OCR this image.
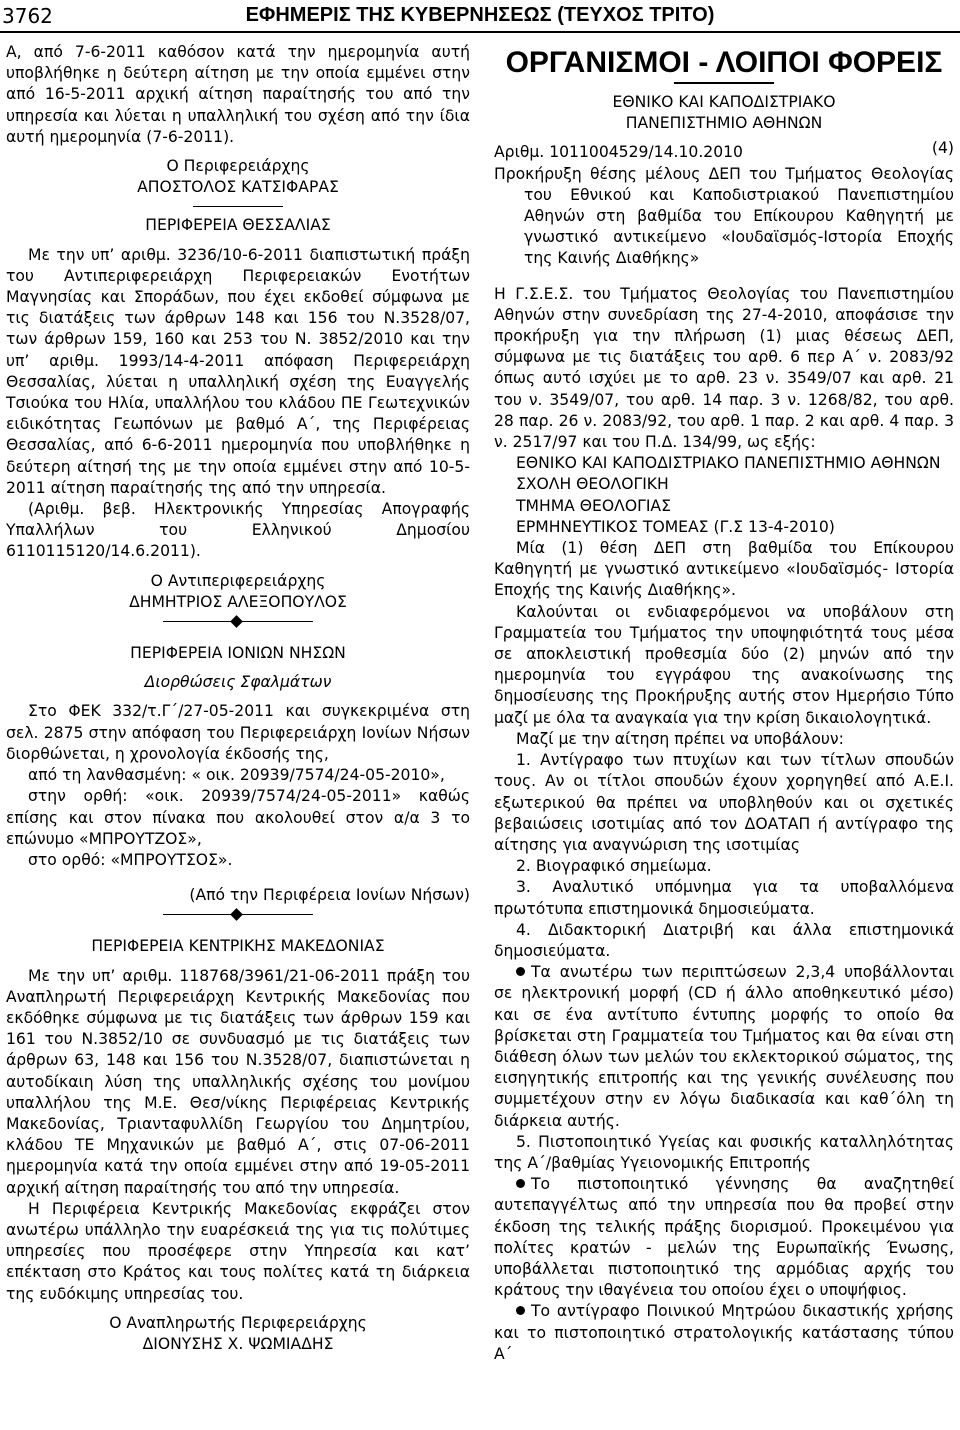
3762	ΕΦΗΜΕΡΙΣ ΤΗΣ ΚΥΒΕΡΝΗΣΕΩΣ (ΤΕΥΧΟΣ ΤΡΙΤΟ)

Α, από 7-6-2011 καθόσον κατά την ημερομηνία αυτή υποβλήθηκε η δεύτερη αίτηση με την οποία εμμένει στην από 16-5-2011 αρχική αίτηση παραίτησής του από την υπηρεσία και λύεται η υπαλληλική του σχέση από την ίδια αυτή ημερομηνία (7-6-2011).

Ο Περιφερειάρχης

ΑΠΟΣΤΟΛΟΣ ΚΑΤΣΙΦΑΡΑΣ

ΠΕΡΙΦΕΡΕΙΑ ΘΕΣΣΑΛΙΑΣ

Με την υπ’ αριθμ. 3236/10-6-2011 διαπιστωτική πράξη του Αντιπεριφερειάρχη Περιφερειακών Ενοτήτων Μαγνησίας και Σποράδων, που έχει εκδοθεί σύμφωνα με τις διατάξεις των άρθρων 148 και 156 του Ν.3528/07, των άρθρων 159, 160 και 253 του Ν. 3852/2010 και την υπ’ αριθμ. 1993/14-4-2011 απόφαση Περιφερειάρχη Θεσσαλίας, λύεται η υπαλληλική σχέση της Ευαγγελής Τσιούκα του Ηλία, υπαλλήλου του κλάδου ΠΕ Γεωτεχνικών ειδικότητας Γεωπόνων με βαθμό Α΄, της Περιφέρειας Θεσσαλίας, από 6-6-2011 ημερομηνία που υποβλήθηκε η δεύτερη αίτησή της με την οποία εμμένει στην από 10-5-2011 αίτηση παραίτησής της από την υπηρεσία.

(Αριθμ. βεβ. Ηλεκτρονικής Υπηρεσίας Απογραφής Υπαλλήλων του Ελληνικού Δημοσίου 6110115120/14.6.2011).

Ο Αντιπεριφερειάρχης

ΔΗΜΗΤΡΙΟΣ ΑΛΕΞΟΠΟΥΛΟΣ

ΠΕΡΙΦΕΡΕΙΑ ΙΟΝΙΩΝ ΝΗΣΩΝ

Διορθώσεις Σφαλμάτων

Στο ΦΕΚ 332/τ.Γ΄/27-05-2011 και συγκεκριμένα στη σελ. 2875 στην απόφαση του Περιφερειάρχη Ιονίων Νήσων διορθώνεται, η χρονολογία έκδοσής της,

από τη λανθασμένη: « οικ. 20939/7574/24-05-2010»,

στην ορθή: «οικ. 20939/7574/24-05-2011» καθώς επίσης και στον πίνακα που ακολουθεί στον α/α 3 το επώνυμο «ΜΠΡΟΥΤΖΟΣ»,

στο ορθό: «ΜΠΡΟΥΤΣΟΣ».

(Από την Περιφέρεια Ιονίων Νήσων)

ΠΕΡΙΦΕΡΕΙΑ ΚΕΝΤΡΙΚΗΣ ΜΑΚΕΔΟΝΙΑΣ

Με την υπ’ αριθμ. 118768/3961/21-06-2011 πράξη του Αναπληρωτή Περιφερειάρχη Κεντρικής Μακεδονίας που εκδόθηκε σύμφωνα με τις διατάξεις των άρθρων 159 και 161 του Ν.3852/10 σε συνδυασμό με τις διατάξεις των άρθρων 63, 148 και 156 του Ν.3528/07, διαπιστώνεται η αυτοδίκαιη λύση της υπαλληλικής σχέσης του μονίμου υπαλλήλου της Μ.Ε. Θεσ/νίκης Περιφέρειας Κεντρικής Μακεδονίας, Τριανταφυλλίδη Γεωργίου του Δημητρίου, κλάδου ΤΕ Μηχανικών με βαθμό Α΄, στις 07-06-2011 ημερομηνία κατά την οποία εμμένει στην από 19-05-2011 αρχική αίτηση παραίτησής του από την υπηρεσία.

Η Περιφέρεια Κεντρικής Μακεδονίας εκφράζει στον ανωτέρω υπάλληλο την ευαρέσκειά της για τις πολύτιμες υπηρεσίες που προσέφερε στην Υπηρεσία και κατ’ επέκταση στο Κράτος και τους πολίτες κατά τη διάρκεια της ευδόκιμης υπηρεσίας του.

Ο Αναπληρωτής Περιφερειάρχης

ΔΙΟΝΥΣΗΣ Χ. ΨΩΜΙΑΔΗΣ

ΟΡΓΑΝΙΣΜΟΙ - ΛΟΙΠΟΙ ΦΟΡΕΙΣ
(4)

ΕΘΝΙΚΟ ΚΑΙ ΚΑΠΟΔΙΣΤΡΙΑΚΟ

ΠΑΝΕΠΙΣΤΗΜΙΟ ΑΘΗΝΩΝ

Αριθμ. 1011004529/14.10.2010

Προκήρυξη θέσης μέλους ΔΕΠ του Τμήματος Θεολογίας του Εθνικού και Καποδιστριακού Πανεπιστημίου Αθηνών στη βαθμίδα του Επίκουρου Καθηγητή με γνωστικό αντικείμενο «Ιουδαϊσμός-Ιστορία Εποχής της Καινής Διαθήκης»

Η Γ.Σ.Ε.Σ. του Τμήματος Θεολογίας του Πανεπιστημίου Αθηνών στην συνεδρίαση της 27-4-2010, αποφάσισε την προκήρυξη για την πλήρωση (1) μιας θέσεως ΔΕΠ, σύμφωνα με τις διατάξεις του αρθ. 6 περ Α΄ ν. 2083/92 όπως αυτό ισχύει με το αρθ. 23 ν. 3549/07 και αρθ. 21 του ν. 3549/07, του αρθ. 14 παρ. 3 ν. 1268/82, του αρθ. 28 παρ. 26 ν. 2083/92, του αρθ. 1 παρ. 2 και αρθ. 4 παρ. 3 ν. 2517/97 και του Π.Δ. 134/99, ως εξής:

ΕΘΝΙΚΟ ΚΑΙ ΚΑΠΟΔΙΣΤΡΙΑΚΟ ΠΑΝΕΠΙΣΤΗΜΙΟ ΑΘΗΝΩΝ

ΣΧΟΛΗ ΘΕΟΛΟΓΙΚΗ

ΤΜΗΜΑ ΘΕΟΛΟΓΙΑΣ

ΕΡΜΗΝΕΥΤΙΚΟΣ ΤΟΜΕΑΣ (Γ.Σ 13-4-2010)

Μία (1) θέση ΔΕΠ στη βαθμίδα του Επίκουρου Καθηγητή με γνωστικό αντικείμενο «Ιουδαϊσμός- Ιστορία Εποχής της Καινής Διαθήκης».

Καλούνται οι ενδιαφερόμενοι να υποβάλουν στη Γραμματεία του Τμήματος την υποψηφιότητά τους μέσα σε αποκλειστική προθεσμία δύο (2) μηνών από την ημερομηνία του εγγράφου της ανακοίνωσης της δημοσίευσης της Προκήρυξης αυτής στον Ημερήσιο Τύπο μαζί με όλα τα αναγκαία για την κρίση δικαιολογητικά.

Μαζί με την αίτηση πρέπει να υποβάλουν:

1. Αντίγραφο των πτυχίων και των τίτλων σπουδών τους. Αν οι τίτλοι σπουδών έχουν χορηγηθεί από Α.Ε.Ι. εξωτερικού θα πρέπει να υποβληθούν και οι σχετικές βεβαιώσεις ισοτιμίας από τον ΔΟΑΤΑΠ ή αντίγραφο της αίτησης για αναγνώριση της ισοτιμίας

2. Βιογραφικό σημείωμα.

3. Αναλυτικό υπόμνημα για τα υποβαλλόμενα πρωτότυπα επιστημονικά δημοσιεύματα.

4. Διδακτορική Διατριβή και άλλα επιστημονικά δημοσιεύματα.

Τα ανωτέρω των περιπτώσεων 2,3,4 υποβάλλονται σε ηλεκτρονική μορφή (CD ή άλλο αποθηκευτικό μέσο) και σε ένα αντίτυπο έντυπης μορφής το οποίο θα βρίσκεται στη Γραμματεία του Τμήματος και θα είναι στη διάθεση όλων των μελών του εκλεκτορικού σώματος, της εισηγητικής επιτροπής και της γενικής συνέλευσης που συμμετέχουν στην εν λόγω διαδικασία και καθ΄όλη τη διάρκεια αυτής.

5. Πιστοποιητικό Υγείας και φυσικής καταλληλότητας της Α΄/βαθμίας Υγειονομικής Επιτροπής

Το πιστοποιητικό γέννησης θα αναζητηθεί αυτεπαγγέλτως από την υπηρεσία που θα προβεί στην έκδοση της τελικής πράξης διορισμού. Προκειμένου για πολίτες κρατών - μελών της Ευρωπαϊκής Ένωσης, υποβάλλεται πιστοποιητικό της αρμόδιας αρχής του κράτους την ιθαγένεια του οποίου έχει ο υποψήφιος.

Το αντίγραφο Ποινικού Μητρώου δικαστικής χρήσης και το πιστοποιητικό στρατολογικής κατάστασης τύπου Α΄
